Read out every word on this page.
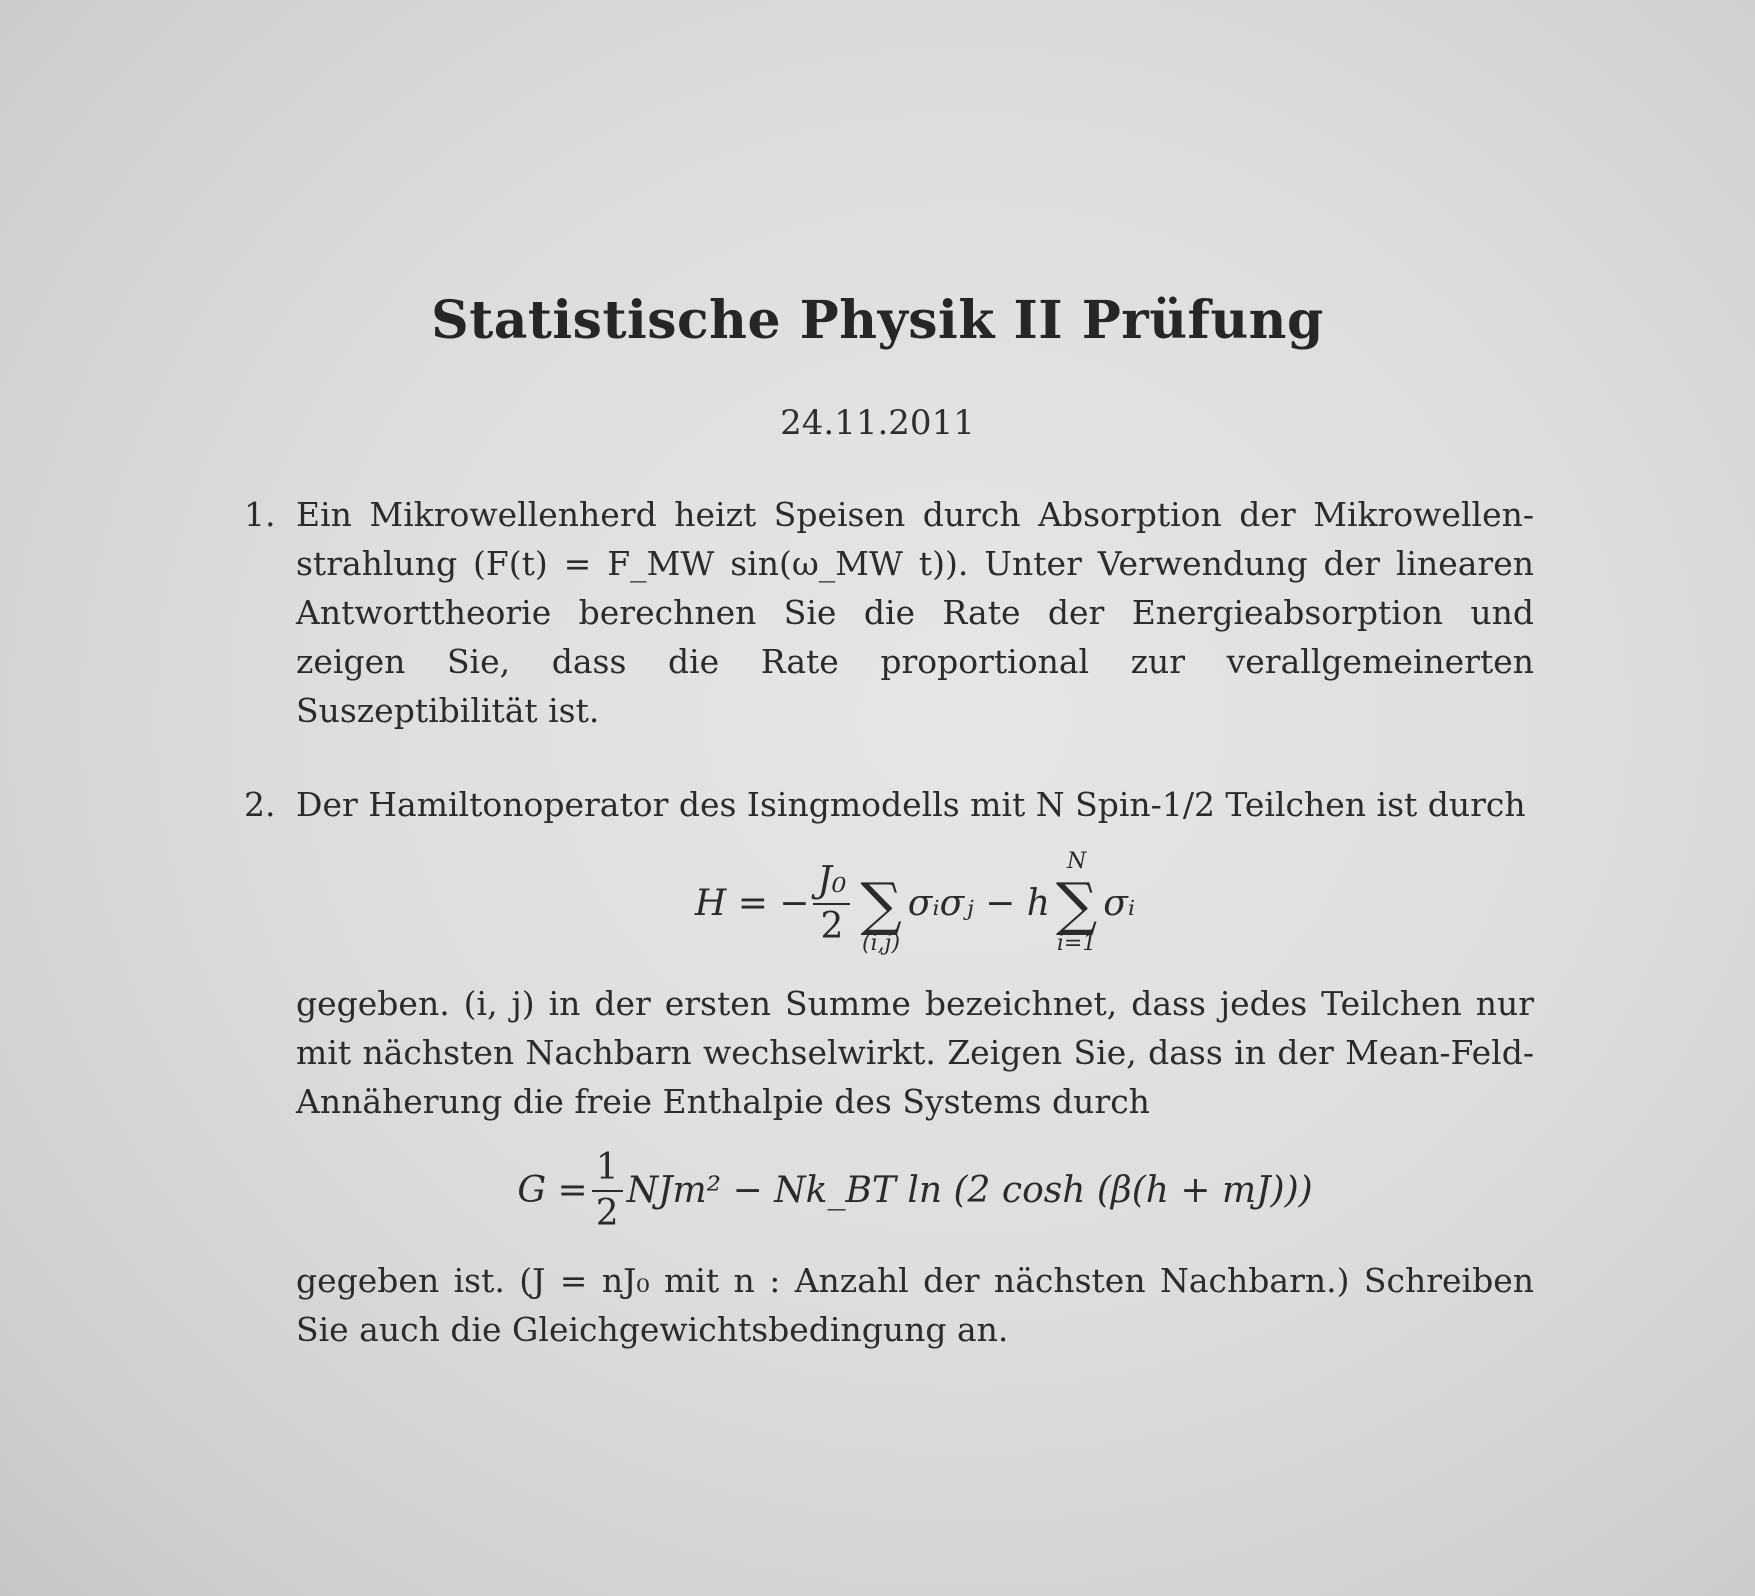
Statistische Physik II Prüfung

24.11.2011

1. Ein Mikrowellenherd heizt Speisen durch Absorption der Mikrowellen-strahlung (F(t) = F_MW sin(ω_MW t)). Unter Verwendung der linearen Antworttheorie berechnen Sie die Rate der Energieabsorption und zeigen Sie, dass die Rate proportional zur verallgemeinerten Suszeptibilität ist.
2. Der Hamiltonoperator des Isingmodells mit N Spin-1/2 Teilchen ist durch
H = − $\frac{\text{J₀}}{2}$ ∑
(i,j)
σᵢσⱼ − h
N
∑
i=1
σᵢ
gegeben. (i, j) in der ersten Summe bezeichnet, dass jedes Teilchen nur mit nächsten Nachbarn wechselwirkt. Zeigen Sie, dass in der Mean-Feld-Annäherung die freie Enthalpie des Systems durch
$G = \frac{1}{2} NJm^2$ − Nk_BT ln (2 cosh (β(h + mJ)))
gegeben ist. (J = nJ₀ mit n : Anzahl der nächsten Nachbarn.) Schreiben Sie auch die Gleichgewichtsbedingung an.
